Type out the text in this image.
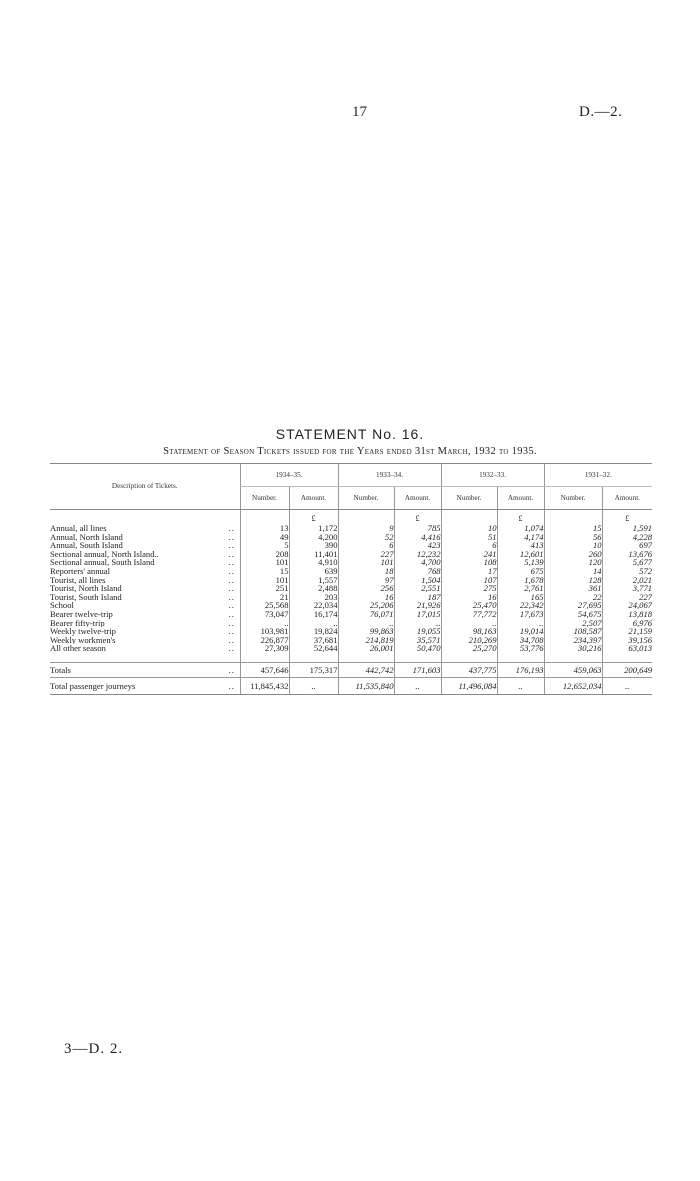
17	D.—2.
STATEMENT No. 16.
Statement of Season Tickets issued for the Years ended 31st March, 1932 to 1935.
Description of Tickets.		1934–35.		1933–34.		1932–33.		1931–32.	
		Number.	Amount.	Number.	Amount.	Number.	Amount.	Number.	Amount.
			£		£		£		£
Annual, all lines	..	13	1,172	9	785	10	1,074	15	1,591
Annual, North Island	..	49	4,200	52	4,416	51	4,174	56	4,228
Annual, South Island	..	5	390	6	423	6	413	10	697
Sectional annual, North Island..	..	208	11,401	227	12,232	241	12,601	260	13,676
Sectional annual, South Island	..	101	4,910	101	4,700	108	5,139	120	5,677
Reporters' annual	..	15	639	18	768	17	675	14	572
Tourist, all lines	..	101	1,557	97	1,504	107	1,678	128	2,021
Tourist, North Island	..	251	2,488	256	2,551	275	2,761	361	3,771
Tourist, South Island	..	21	203	16	187	16	165	22	227
School	..	25,568	22,034	25,206	21,926	25,470	22,342	27,695	24,067
Bearer twelve-trip	..	73,047	16,174	76,071	17,015	77,772	17,673	54,675	13,818
Bearer fifty-trip	..	..	..	..	..	..	..	2,507	6,976
Weekly twelve-trip	..	103,981	19,824	99,863	19,055	98,163	19,014	108,587	21,159
Weekly workmen's	..	226,877	37,681	214,819	35,571	210,269	34,708	234,397	39,156
All other season	..	27,309	52,644	26,001	50,470	25,270	53,776	30,216	63,013

Totals	..	457,646	175,317	442,742	171,603	437,775	176,193	459,063	200,649
Total passenger journeys	..	11,845,432	..	11,535,840	..	11,496,084	..	12,652,034	..
3—D. 2.
